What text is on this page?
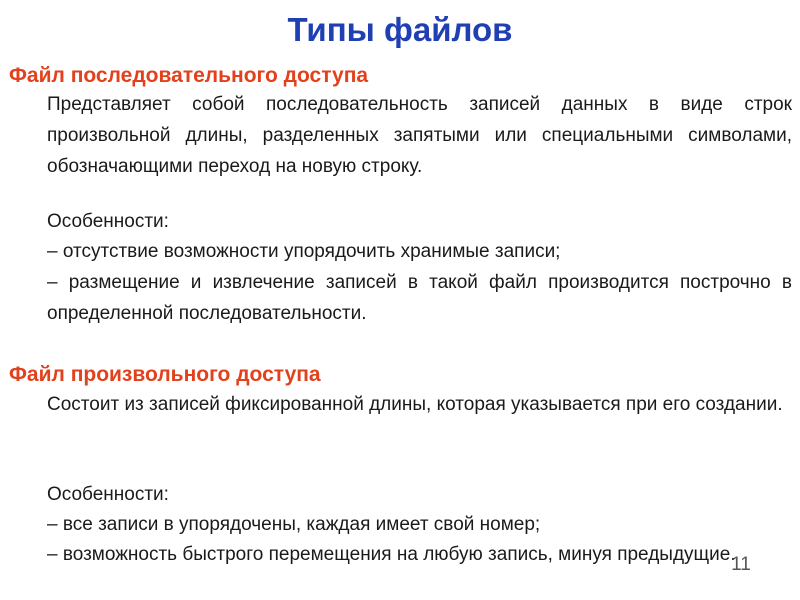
Типы файлов
Файл последовательного доступа

Представляет собой последовательность записей данных в виде строк произвольной длины, разделенных запятыми или специальными символами, обозначающими переход на новую строку.

Особенности:

‒ отсутствие возможности упорядочить хранимые записи;

‒ размещение и извлечение записей в такой файл производится построчно в определенной последовательности.

Файл произвольного доступа

Состоит из записей фиксированной длины, которая указывается при его создании.

Особенности:

‒ все записи в упорядочены, каждая имеет свой номер;

‒ возможность быстрого перемещения на любую запись, минуя предыдущие.

11
